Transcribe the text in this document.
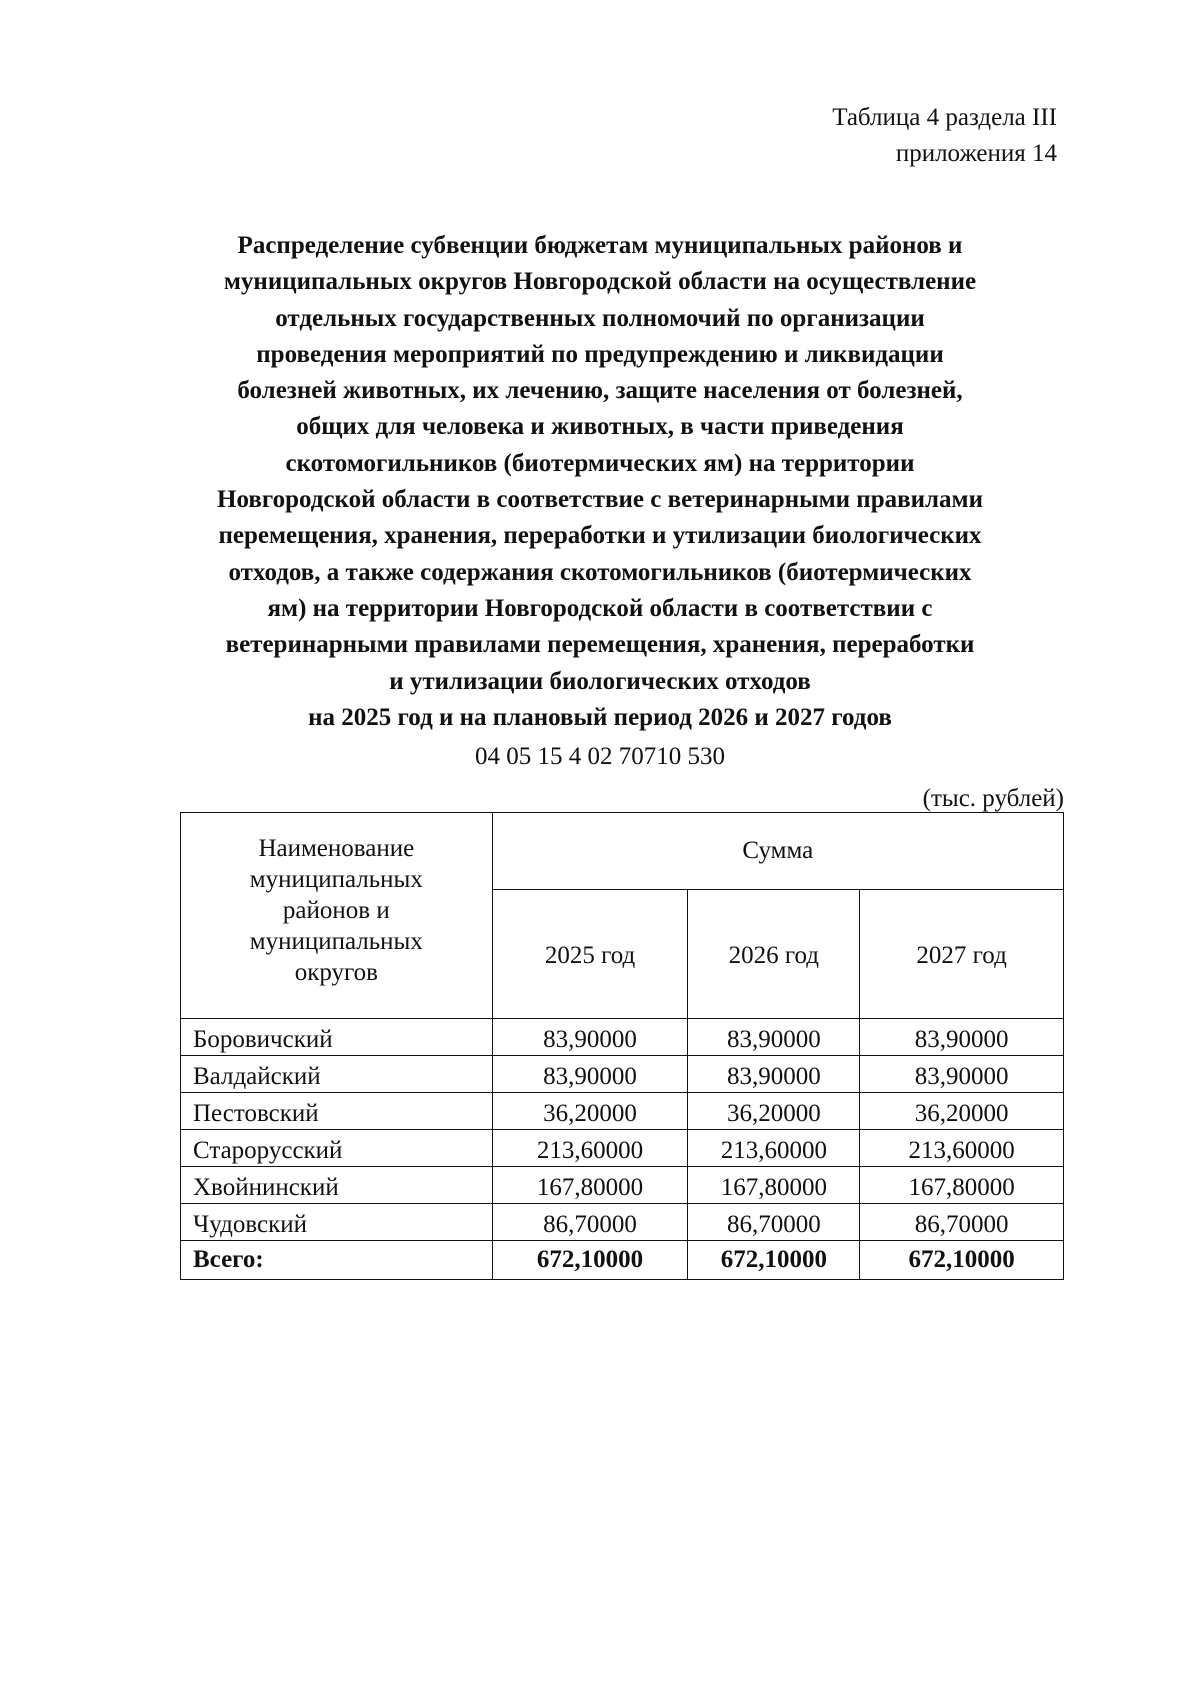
Таблица 4 раздела III
приложения 14
Распределение субвенции бюджетам муниципальных районов и
муниципальных округов Новгородской области на осуществление
отдельных государственных полномочий по организации
проведения мероприятий по предупреждению и ликвидации
болезней животных, их лечению, защите населения от болезней,
общих для человека и животных, в части приведения
скотомогильников (биотермических ям) на территории
Новгородской области в соответствие с ветеринарными правилами
перемещения, хранения, переработки и утилизации биологических
отходов, а также содержания скотомогильников (биотермических
ям) на территории Новгородской области в соответствии с
ветеринарными правилами перемещения, хранения, переработки
и утилизации биологических отходов
на 2025 год и на плановый период 2026 и 2027 годов
04 05 15 4 02 70710 530
(тыс. рублей)
Наименование
муниципальных
районов и
муниципальных
округов	Сумма		
	2025 год	2026 год	2027 год
Боровичский	83,90000	83,90000	83,90000
Валдайский	83,90000	83,90000	83,90000
Пестовский	36,20000	36,20000	36,20000
Старорусский	213,60000	213,60000	213,60000
Хвойнинский	167,80000	167,80000	167,80000
Чудовский	86,70000	86,70000	86,70000
Всего:	672,10000	672,10000	672,10000
